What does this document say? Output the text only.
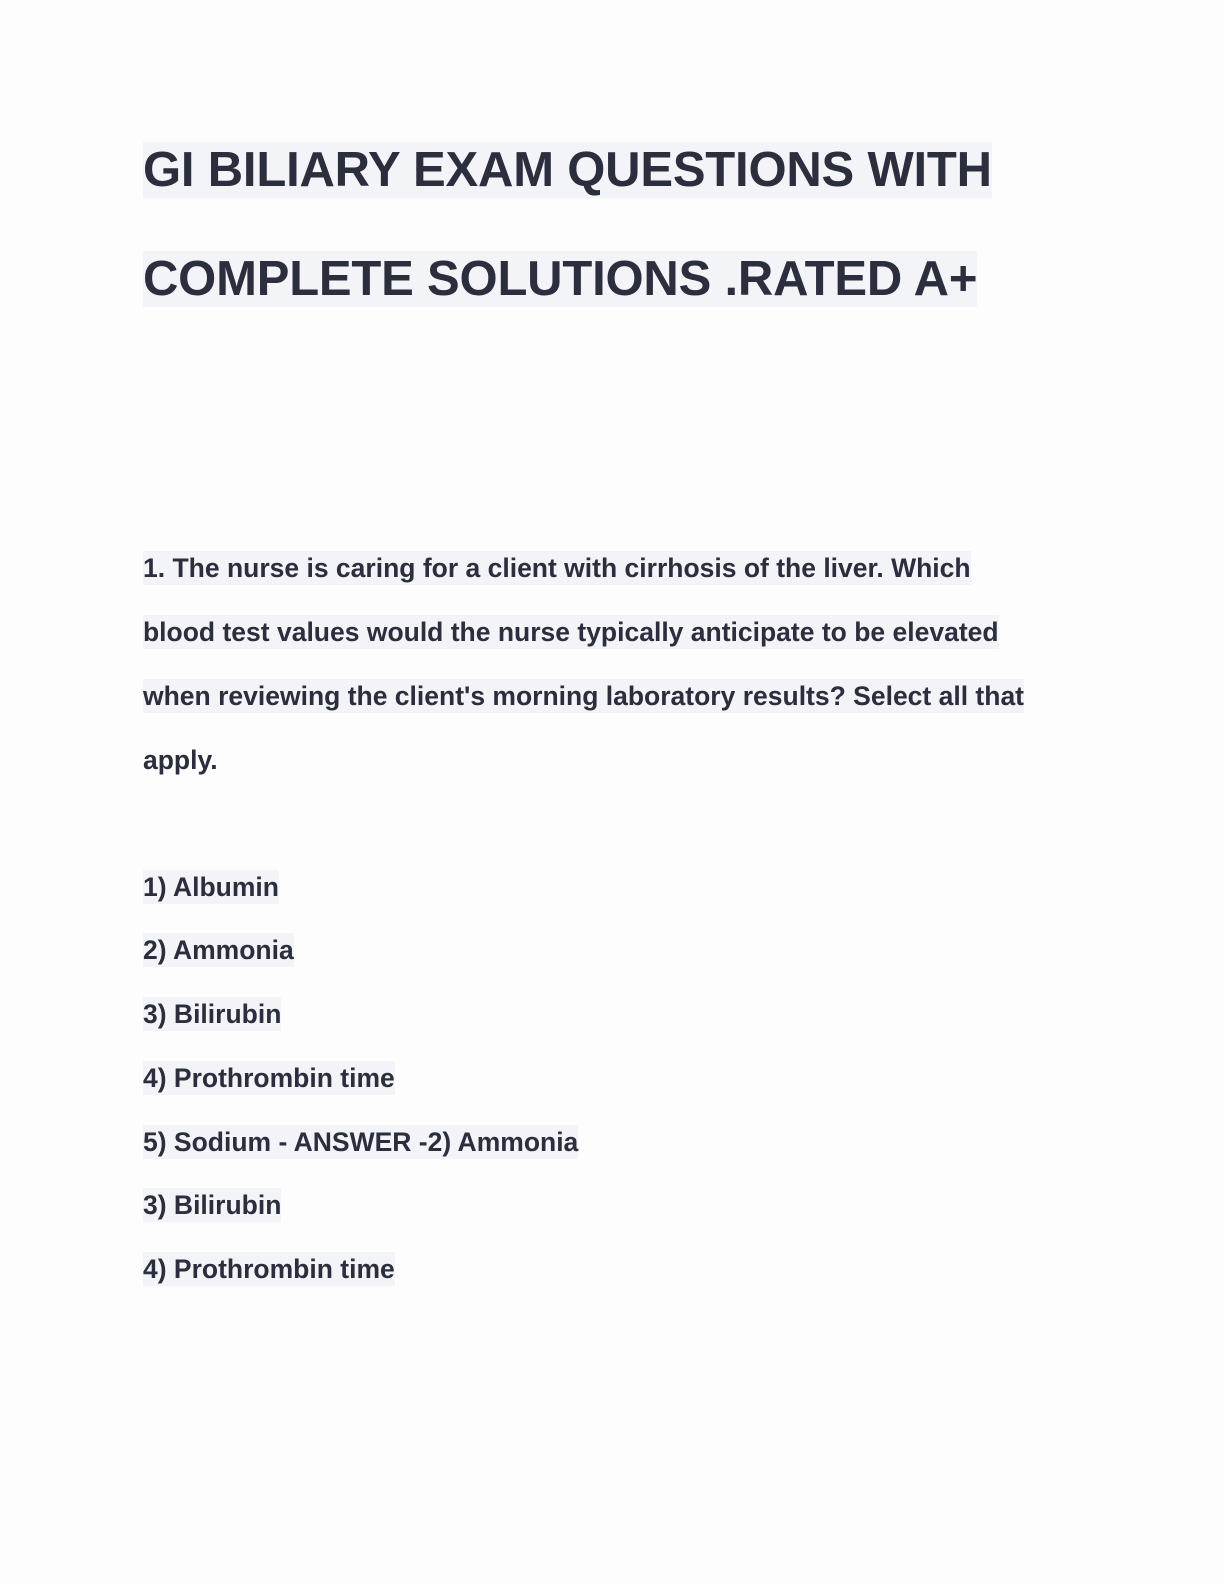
GI BILIARY EXAM QUESTIONS WITH
COMPLETE SOLUTIONS .RATED A+
1. The nurse is caring for a client with cirrhosis of the liver. Which
blood test values would the nurse typically anticipate to be elevated
when reviewing the client's morning laboratory results? Select all that
apply.
1) Albumin
2) Ammonia
3) Bilirubin
4) Prothrombin time
5) Sodium - ANSWER -2) Ammonia
3) Bilirubin
4) Prothrombin time
